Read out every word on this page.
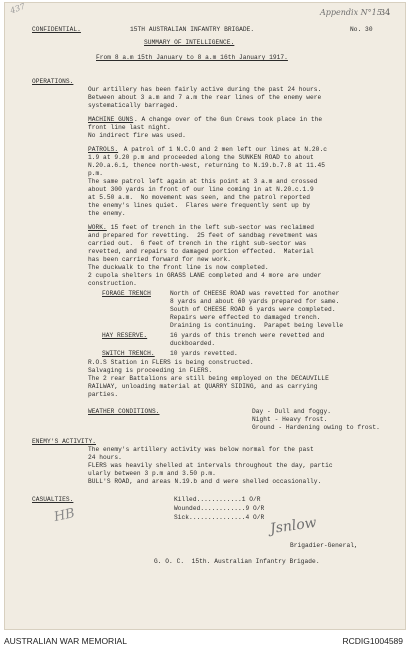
437	Appendix N°15
34
CONFIDENTIAL.	15TH AUSTRALIAN INFANTRY BRIGADE.	No. 30
SUMMARY OF INTELLIGENCE.
From 8 a.m 15th January to 8 a.m 16th January 1917.
OPERATIONS.
Our artillery has been fairly active during the past 24 hours.
Between about 3 a.m and 7 a.m the rear lines of the enemy were
systematically barraged.
MACHINE GUNS . A change over of the Gun Crews took place in the
front line last night.
No indirect fire was used.
PATROLS. A patrol of 1 N.C.O and 2 men left our lines at N.20.c
1.9 at 9.20 p.m and proceeded along the SUNKEN ROAD to about
N.20.a.6.1, thence north-west, returning to N.19.b.7.8 at 11.45
p.m.
The same patrol left again at this point at 3 a.m and crossed
about 300 yards in front of our line coming in at N.20.c.1.9
at 5.50 a.m.  No movement was seen, and the patrol reported
the enemy's lines quiet.  Flares were frequently sent up by
the enemy.
WORK. 15 feet of trench in the left sub-sector was reclaimed
and prepared for revetting.  25 feet of sandbag revetment was
carried out.  6 feet of trench in the right sub-sector was
revetted, and repairs to damaged portion effected.  Material
has been carried forward for new work.
The duckwalk to the front line is now completed.
2 cupola shelters in GRASS LANE completed and 4 more are under
construction.
FORAGE TRENCH	North of CHEESE ROAD was revetted for another
8 yards and about 60 yards prepared for same.
South of CHEESE ROAD 6 yards were completed.
Repairs were effected to damaged trench.
Draining is continuing.  Parapet being levelle
HAY RESERVE.	16 yards of this trench were revetted and
duckboarded.
SWITCH TRENCH. 10 yards revetted.
R.O.S Station in FLERS is being constructed.
Salvaging is proceeding in FLERS.
The 2 rear Battalions are still being employed on the DECAUVILLE
RAILWAY, unloading material at QUARRY SIDING, and as carrying
parties.
WEATHER CONDITIONS.	Day - Dull and foggy.
Night - Heavy frost.
Ground - Hardening owing to frost.
ENEMY'S ACTIVITY.
The enemy's artillery activity was below normal for the past
24 hours.
FLERS was heavily shelled at intervals throughout the day, partic
ularly between 3 p.m and 3.50 p.m.
BULL'S ROAD, and areas N.19.b and d were shelled occasionally.
CASUALTIES.	Killed............1 O/R
Wounded............9 O/R
Sick...............4 O/R
HB	Jsnlow
Brigadier-General,
G. O. C.  15th. Australian Infantry Brigade.
AUSTRALIAN WAR MEMORIAL	RCDIG1004589
